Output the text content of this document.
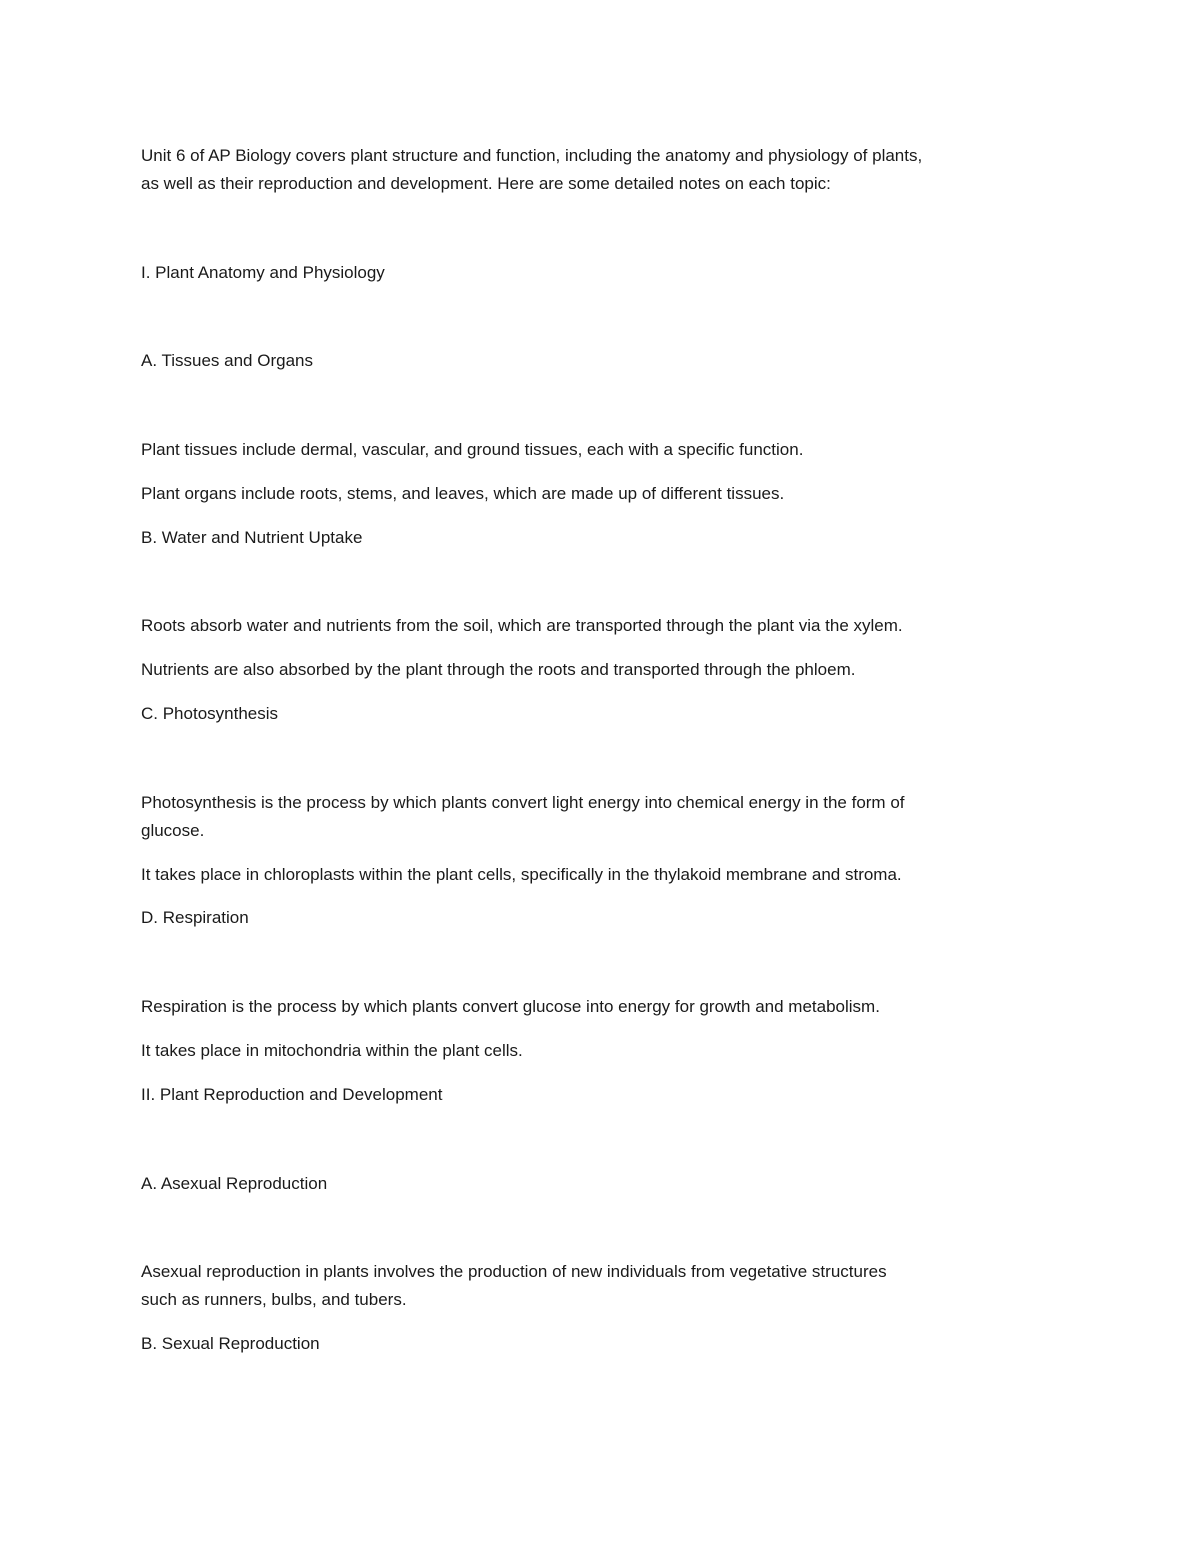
Unit 6 of AP Biology covers plant structure and function, including the anatomy and physiology of plants,

as well as their reproduction and development. Here are some detailed notes on each topic:

I. Plant Anatomy and Physiology

A. Tissues and Organs

Plant tissues include dermal, vascular, and ground tissues, each with a specific function.

Plant organs include roots, stems, and leaves, which are made up of different tissues.

B. Water and Nutrient Uptake

Roots absorb water and nutrients from the soil, which are transported through the plant via the xylem.

Nutrients are also absorbed by the plant through the roots and transported through the phloem.

C. Photosynthesis

Photosynthesis is the process by which plants convert light energy into chemical energy in the form of

glucose.

It takes place in chloroplasts within the plant cells, specifically in the thylakoid membrane and stroma.

D. Respiration

Respiration is the process by which plants convert glucose into energy for growth and metabolism.

It takes place in mitochondria within the plant cells.

II. Plant Reproduction and Development

A. Asexual Reproduction

Asexual reproduction in plants involves the production of new individuals from vegetative structures

such as runners, bulbs, and tubers.

B. Sexual Reproduction
